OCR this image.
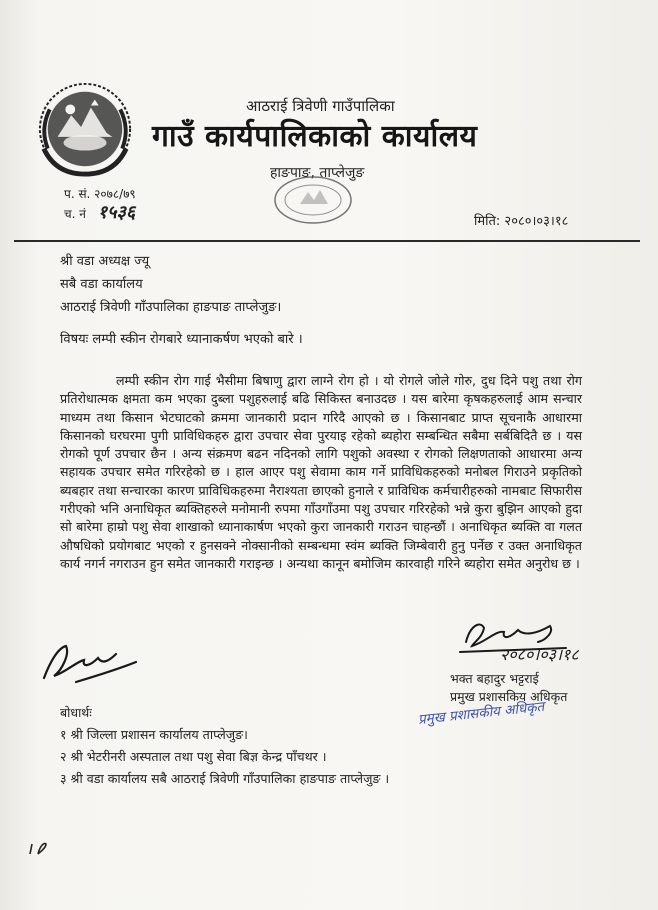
आठराई त्रिवेणी गाउँपालिका
गाउँ कार्यपालिकाको कार्यालय
हाङपाङ, ताप्लेजुङ
प. सं. २०७८/७९
च. नं १५३६	मिति: २०८०।०३।१८
श्री वडा अध्यक्ष ज्यू
सबै वडा कार्यालय
आठराई त्रिवेणी गाँउपालिका हाङपाङ ताप्लेजुङ।
विषयः लम्पी स्कीन रोगबारे ध्यानाकर्षण भएको बारे ।

लम्पी स्कीन रोग गाई भैसीमा बिषाणु द्वारा लाग्ने रोग हो । यो रोगले जोले गोरु, दुध दिने पशु तथा रोग प्रतिरोधात्मक क्षमता कम भएका दुब्ला पशुहरुलाई बढि सिकिस्त बनाउदछ । यस बारेमा कृषकहरुलाई आम सन्चार माध्यम तथा किसान भेटघाटको क्रममा जानकारी प्रदान गरिदै आएको छ । किसानबाट प्राप्त सूचनाकै आधारमा किसानको घरघरमा पुगी प्राविधिकहरु द्वारा उपचार सेवा पुरयाइ रहेको ब्यहोरा सम्बन्धित सबैमा सर्बबिदितै छ । यस रोगको पूर्ण उपचार छैन । अन्य संक्रमण बढन नदिनको लागि पशुको अवस्था र रोगको लिक्षणताको आधारमा अन्य सहायक उपचार समेत गरिरहेको छ । हाल आएर पशु सेवामा काम गर्ने प्राविधिकहरुको मनोबल गिराउने प्रकृतिको ब्यबहार तथा सन्चारका कारण प्राविधिकहरुमा नैराश्यता छाएको हुनाले र प्राविधिक कर्मचारीहरुको नामबाट सिफारीस गरीएको भनि अनाधिकृत ब्यक्तिहरुले मनोमानी रुपमा गाँउगाँउमा पशु उपचार गरिरहेको भन्ने कुरा बुझिन आएको हुदा सो बारेमा हाम्रो पशु सेवा शाखाको ध्यानाकार्षण भएको कुरा जानकारी गराउन चाहन्छौं । अनाधिकृत ब्यक्ति वा गलत औषधिको प्रयोगबाट भएको र हुनसक्ने नोक्सानीको सम्बन्धमा स्वंम ब्यक्ति जिम्बेवारी हुनु पर्नेछ र उक्त अनाधिकृत कार्य नगर्न नगराउन हुन समेत जानकारी गराइन्छ । अन्यथा कानून बमोजिम कारवाही गरिने ब्यहोरा समेत अनुरोध छ ।

२०८०।०३।१८
भक्त बहादुर भट्टराई
प्रमुख प्रशासकिय अधिकृत
प्रमुख प्रशासकीय अधिकृत
बोधार्थः
१ श्री जिल्ला प्रशासन कार्यालय ताप्लेजुङ।
२ श्री भेटरीनरी अस्पताल तथा पशु सेवा बिज्ञ केन्द्र पाँचथर ।
३ श्री वडा कार्यालय सबै आठराई त्रिवेणी गाँउपालिका हाङपाङ ताप्लेजुङ ।
